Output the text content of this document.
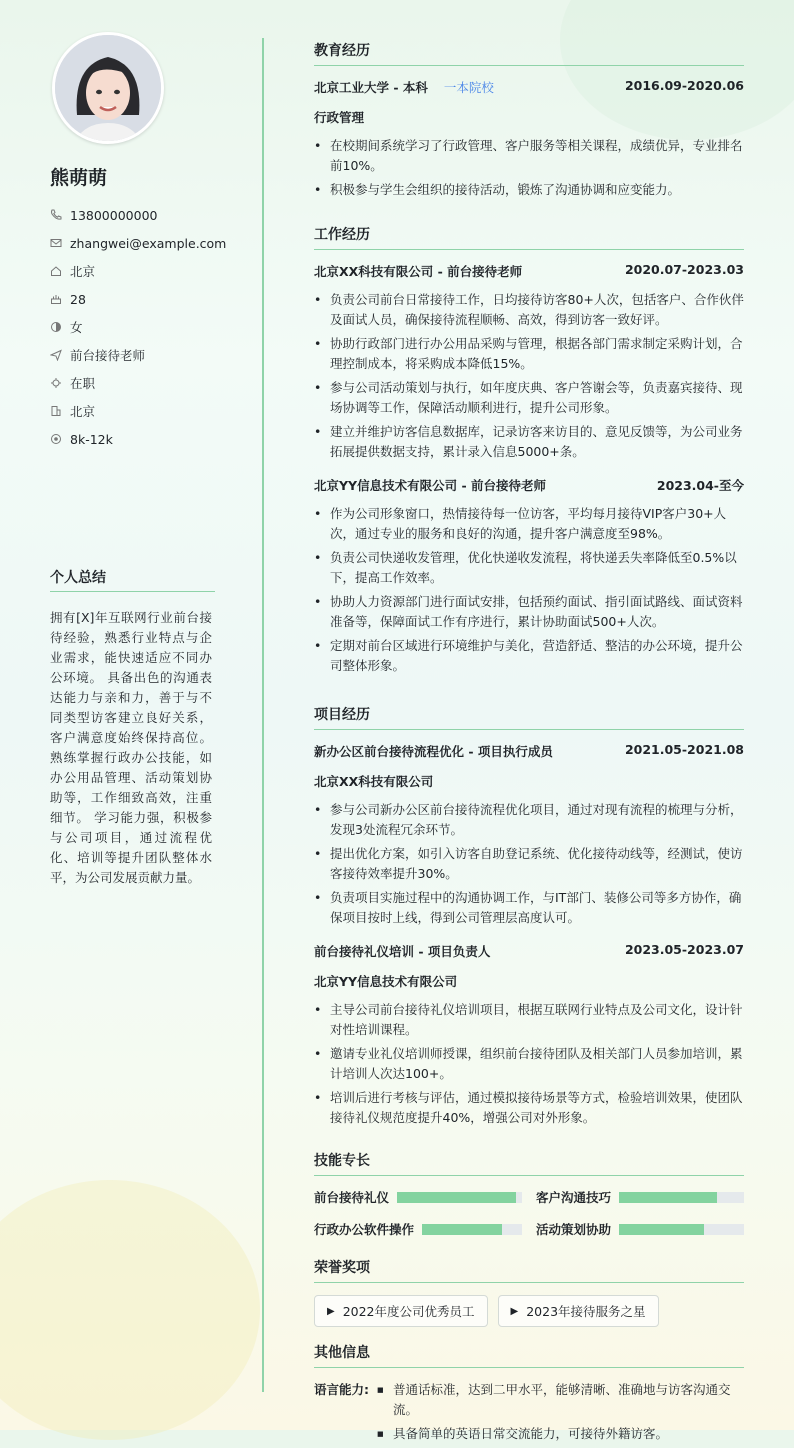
熊萌萌
13800000000
zhangwei@example.com
北京
28
女
前台接待老师
在职
北京
8k-12k
个人总结
拥有[X]年互联网行业前台接待经验，熟悉行业特点与企业需求，能快速适应不同办公环境。 具备出色的沟通表达能力与亲和力，善于与不同类型访客建立良好关系，客户满意度始终保持高位。 熟练掌握行政办公技能，如办公用品管理、活动策划协助等，工作细致高效，注重细节。 学习能力强，积极参与公司项目，通过流程优化、培训等提升团队整体水平，为公司发展贡献力量。
教育经历
北京工业大学 - 本科 一本院校	2016.09-2020.06
行政管理
• 在校期间系统学习了行政管理、客户服务等相关课程，成绩优异，专业排名前10%。
• 积极参与学生会组织的接待活动，锻炼了沟通协调和应变能力。
工作经历
北京XX科技有限公司 - 前台接待老师	2020.07-2023.03
• 负责公司前台日常接待工作，日均接待访客80+人次，包括客户、合作伙伴及面试人员，确保接待流程顺畅、高效，得到访客一致好评。
• 协助行政部门进行办公用品采购与管理，根据各部门需求制定采购计划，合理控制成本，将采购成本降低15%。
• 参与公司活动策划与执行，如年度庆典、客户答谢会等，负责嘉宾接待、现场协调等工作，保障活动顺利进行，提升公司形象。
• 建立并维护访客信息数据库，记录访客来访目的、意见反馈等，为公司业务拓展提供数据支持，累计录入信息5000+条。
北京YY信息技术有限公司 - 前台接待老师	2023.04-至今
• 作为公司形象窗口，热情接待每一位访客，平均每月接待VIP客户30+人次，通过专业的服务和良好的沟通，提升客户满意度至98%。
• 负责公司快递收发管理，优化快递收发流程，将快递丢失率降低至0.5%以下，提高工作效率。
• 协助人力资源部门进行面试安排，包括预约面试、指引面试路线、面试资料准备等，保障面试工作有序进行，累计协助面试500+人次。
• 定期对前台区域进行环境维护与美化，营造舒适、整洁的办公环境，提升公司整体形象。
项目经历
新办公区前台接待流程优化 - 项目执行成员	2021.05-2021.08
北京XX科技有限公司
• 参与公司新办公区前台接待流程优化项目，通过对现有流程的梳理与分析，发现3处流程冗余环节。
• 提出优化方案，如引入访客自助登记系统、优化接待动线等，经测试，使访客接待效率提升30%。
• 负责项目实施过程中的沟通协调工作，与IT部门、装修公司等多方协作，确保项目按时上线，得到公司管理层高度认可。
前台接待礼仪培训 - 项目负责人	2023.05-2023.07
北京YY信息技术有限公司
• 主导公司前台接待礼仪培训项目，根据互联网行业特点及公司文化，设计针对性培训课程。
• 邀请专业礼仪培训师授课，组织前台接待团队及相关部门人员参加培训，累计培训人次达100+。
• 培训后进行考核与评估，通过模拟接待场景等方式，检验培训效果，使团队接待礼仪规范度提升40%，增强公司对外形象。
技能专长
前台接待礼仪	客户沟通技巧
行政办公软件操作	活动策划协助
荣誉奖项
▶ 2022年度公司优秀员工	▶ 2023年接待服务之星
其他信息
语言能力:
■	普通话标准，达到二甲水平，能够清晰、准确地与访客沟通交流。
■ 具备简单的英语日常交流能力，可接待外籍访客。
